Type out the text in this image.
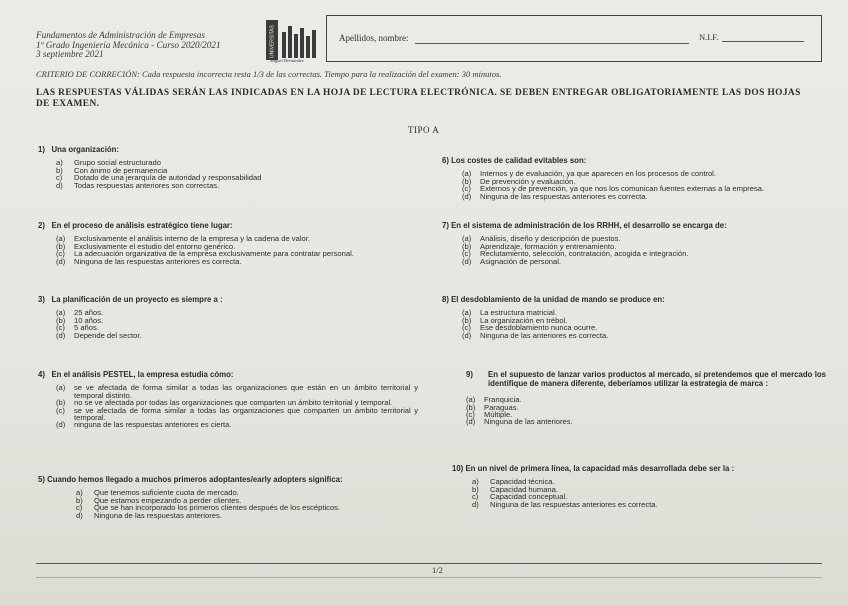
Fundamentos de Administración de Empresas
1º Grado Ingeniería Mecánica - Curso 2020/2021
3 septiembre 2021	UNIVERSITAS
Miguel Hernández
Apellidos, nombre:	N.I.F.
CRITERIO DE CORRECIÓN: Cada respuesta incorrecta resta 1/3 de las correctas. Tiempo para la realización del examen: 30 minutos.
LAS RESPUESTAS VÁLIDAS SERÁN LAS INDICADAS EN LA HOJA DE LECTURA ELECTRÓNICA. SE DEBEN ENTREGAR OBLIGATORIAMENTE LAS DOS HOJAS DE EXAMEN.
TIPO A
1) Una organización:
a)	Grupo social estructurado
b)	Con ánimo de permanencia
c)	Dotado de una jerarquía de autoridad y responsabilidad
d)	Todas respuestas anteriores son correctas.
2) En el proceso de análisis estratégico tiene lugar:
(a)	Exclusivamente el análisis interno de la empresa y la cadena de valor.
(b)	Exclusivamente el estudio del entorno genérico.
(c)	La adecuación organizativa de la empresa exclusivamente para contratar personal.
(d)	Ninguna de las respuestas anteriores es correcta.
3) La planificación de un proyecto es siempre a :
(a)	25 años.
(b)	10 años.
(c)	5 años.
(d)	Depende del sector.
4) En el análisis PESTEL, la empresa estudia cómo:
(a)	se ve afectada de forma similar a todas las organizaciones que están en un ámbito territorial y temporal distinto.
(b)	no se ve afectada por todas las organizaciones que comparten un ámbito territorial y temporal.
(c)	se ve afectada de forma similar a todas las organizaciones que comparten un ámbito territorial y temporal.
(d)	ninguna de las respuestas anteriores es cierta.
5) Cuando hemos llegado a muchos primeros adoptantes/early adopters significa:
a)	Que tenemos suficiente cuota de mercado.
b)	Que estamos empezando a perder clientes.
c)	Que se han incorporado los primeros clientes después de los escépticos.
d)	Ninguna de las respuestas anteriores.
6) Los costes de calidad evitables son:
(a)	Internos y de evaluación, ya que aparecen en los procesos de control.
(b)	De prevención y evaluación.
(c)	Externos y de prevención, ya que nos los comunican fuentes externas a la empresa.
(d)	Ninguna de las respuestas anteriores es correcta.
7) En el sistema de administración de los RRHH, el desarrollo se encarga de:
(a)	Análisis, diseño y descripción de puestos.
(b)	Aprendizaje, formación y entrenamiento.
(c)	Reclutamiento, selección, contratación, acogida e integración.
(d)	Asignación de personal.
8) El desdoblamiento de la unidad de mando se produce en:
(a)	La estructura matricial.
(b)	La organización en trébol.
(c)	Ese desdoblamiento nunca ocurre.
(d)	Ninguna de las anteriores es correcta.
9)	En el supuesto de lanzar varios productos al mercado, si pretendemos que el mercado los identifique de manera diferente, deberíamos utilizar la estrategia de marca :
(a)	Franquicia.
(b)	Paraguas.
(c)	Múltiple.
(d)	Ninguna de las anteriores.
10) En un nivel de primera línea, la capacidad más desarrollada debe ser la :
a)	Capacidad técnica.
b)	Capacidad humana.
c)	Capacidad conceptual.
d)	Ninguna de las respuestas anteriores es correcta.
1/2
